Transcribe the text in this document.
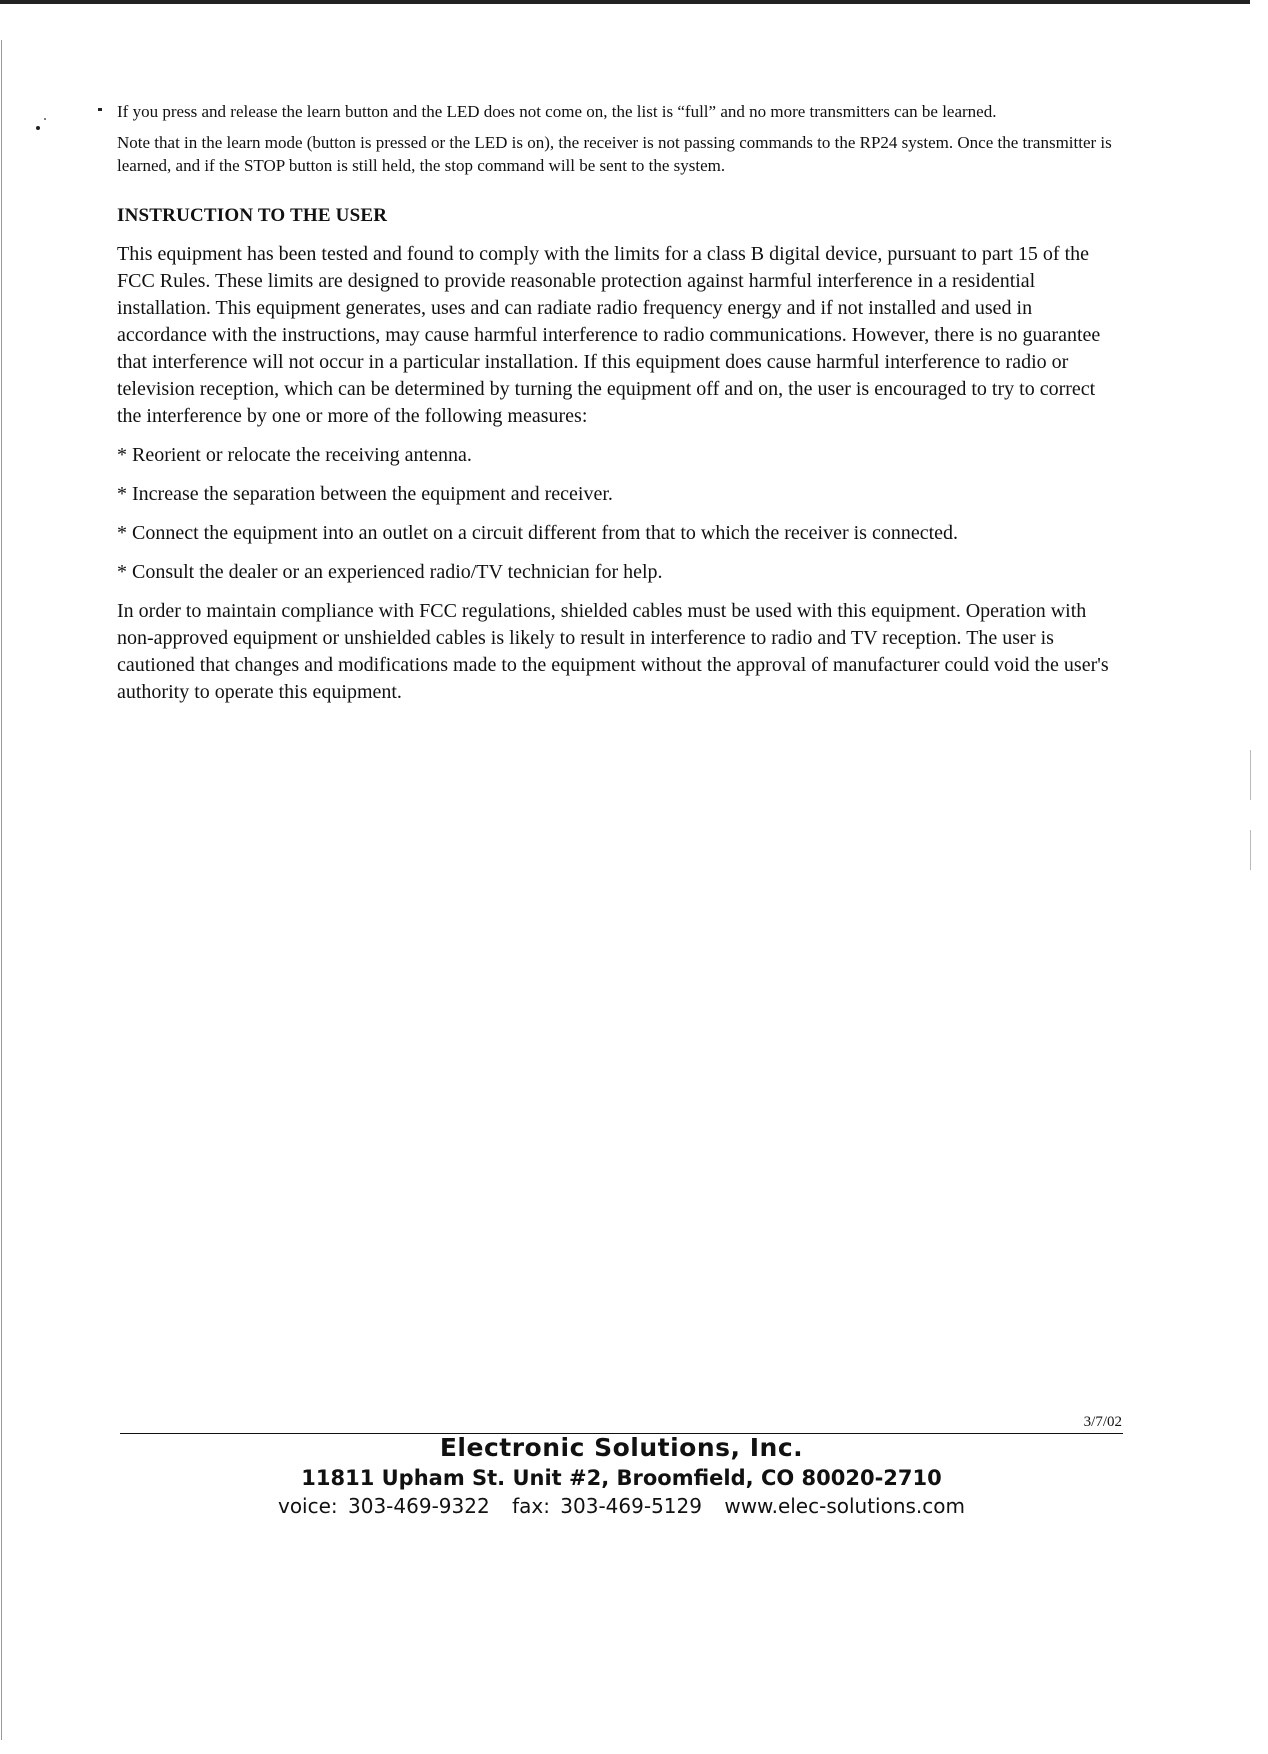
If you press and release the learn button and the LED does not come on, the list is “full” and no more transmitters can be learned.

Note that in the learn mode (button is pressed or the LED is on), the receiver is not passing commands to the RP24 system. Once the transmitter is learned, and if the STOP button is still held, the stop command will be sent to the system.

INSTRUCTION TO THE USER

This equipment has been tested and found to comply with the limits for a class B digital device, pursuant to part 15 of the FCC Rules. These limits are designed to provide reasonable protection against harmful interference in a residential installation. This equipment generates, uses and can radiate radio frequency energy and if not installed and used in accordance with the instructions, may cause harmful interference to radio communications. However, there is no guarantee that interference will not occur in a particular installation. If this equipment does cause harmful interference to radio or television reception, which can be determined by turning the equipment off and on, the user is encouraged to try to correct the interference by one or more of the following measures:

* Reorient or relocate the receiving antenna.

* Increase the separation between the equipment and receiver.

* Connect the equipment into an outlet on a circuit different from that to which the receiver is connected.

* Consult the dealer or an experienced radio/TV technician for help.

In order to maintain compliance with FCC regulations, shielded cables must be used with this equipment. Operation with non-approved equipment or unshielded cables is likely to result in interference to radio and TV reception. The user is cautioned that changes and modifications made to the equipment without the approval of manufacturer could void the user's authority to operate this equipment.

3/7/02
Electronic Solutions, Inc.
11811 Upham St. Unit #2, Broomfield, CO 80020-2710
voice: 303-469-9322 fax: 303-469-5129 www.elec-solutions.com
